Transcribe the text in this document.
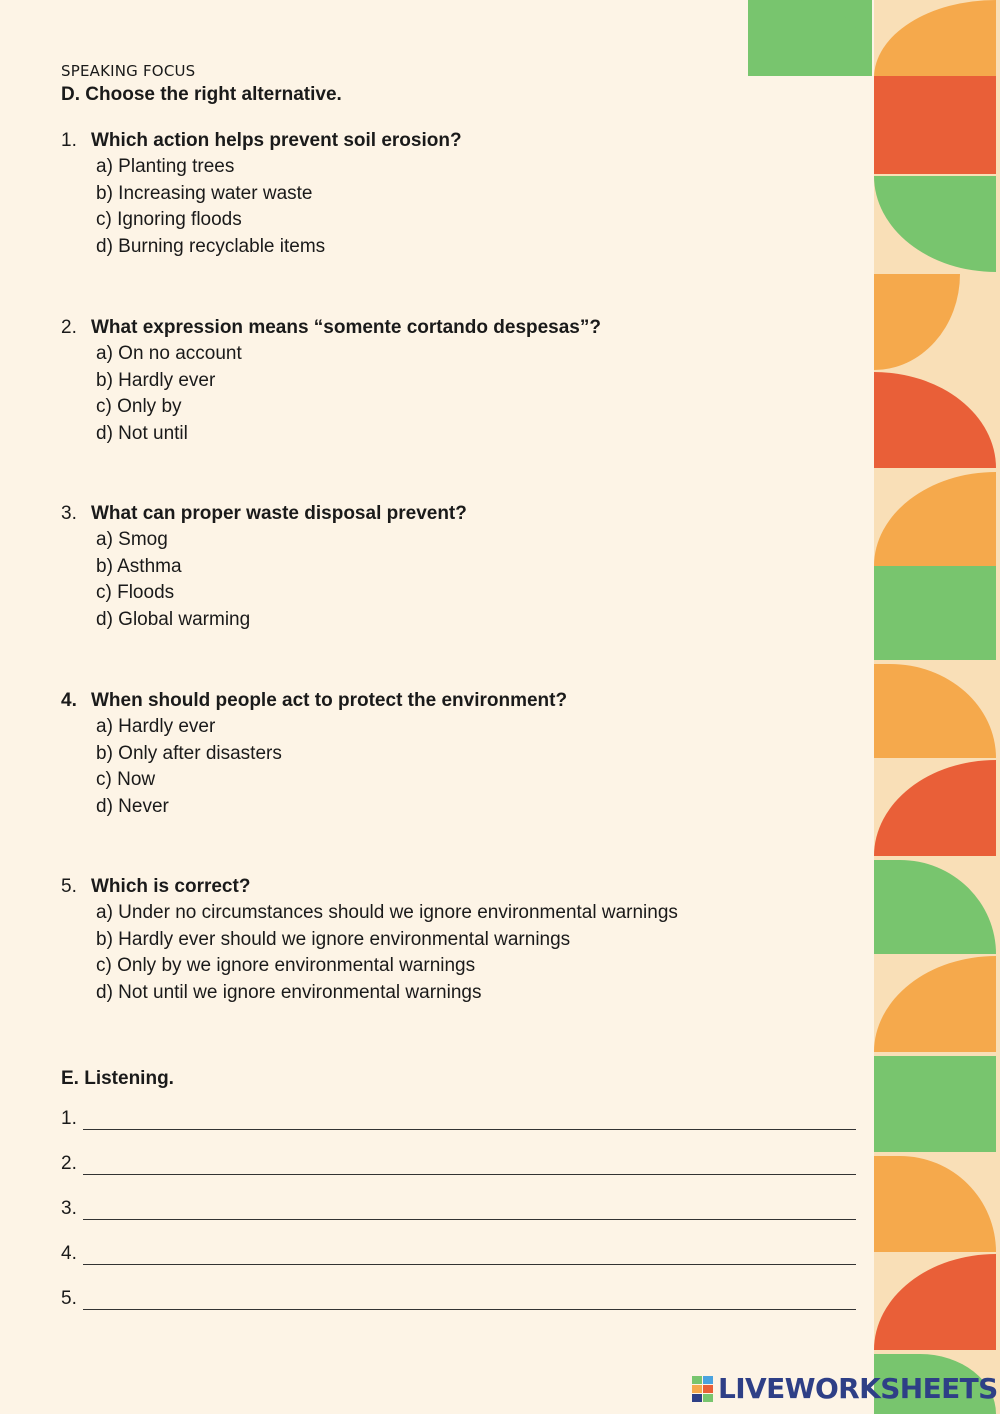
SPEAKING FOCUS
D. Choose the right alternative.
1. Which action helps prevent soil erosion?
a) Planting trees
b) Increasing water waste
c) Ignoring floods
d) Burning recyclable items
2. What expression means “somente cortando despesas”?
a) On no account
b) Hardly ever
c) Only by
d) Not until
3. What can proper waste disposal prevent?
a) Smog
b) Asthma
c) Floods
d) Global warming
4. When should people act to protect the environment?
a) Hardly ever
b) Only after disasters
c) Now
d) Never
5. Which is correct?
a) Under no circumstances should we ignore environmental warnings
b) Hardly ever should we ignore environmental warnings
c) Only by we ignore environmental warnings
d) Not until we ignore environmental warnings
E. Listening.
1.
2.
3.
4.
5.
LIVEWORKSHEETS
